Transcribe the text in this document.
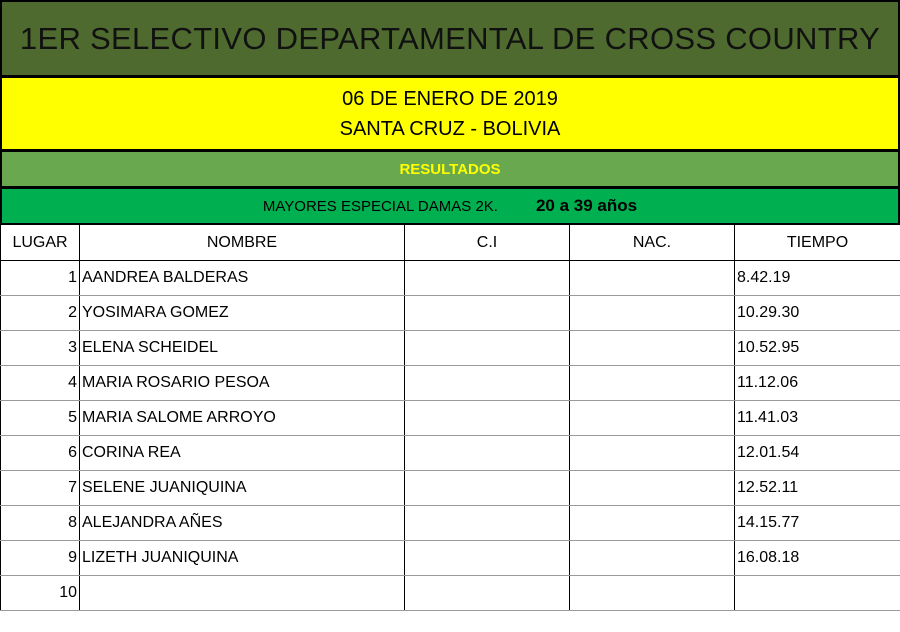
1ER SELECTIVO DEPARTAMENTAL DE CROSS COUNTRY
06 DE ENERO DE 2019
SANTA CRUZ - BOLIVIA
RESULTADOS
MAYORES ESPECIAL DAMAS 2K. 20 a 39 años
LUGAR	NOMBRE	C.I	NAC.	TIEMPO
1	AANDREA BALDERAS			8.42.19
2	YOSIMARA GOMEZ			10.29.30
3	ELENA SCHEIDEL			10.52.95
4	MARIA ROSARIO PESOA			11.12.06
5	MARIA SALOME ARROYO			11.41.03
6	CORINA REA			12.01.54
7	SELENE JUANIQUINA			12.52.11
8	ALEJANDRA AÑES			14.15.77
9	LIZETH JUANIQUINA			16.08.18
10				
